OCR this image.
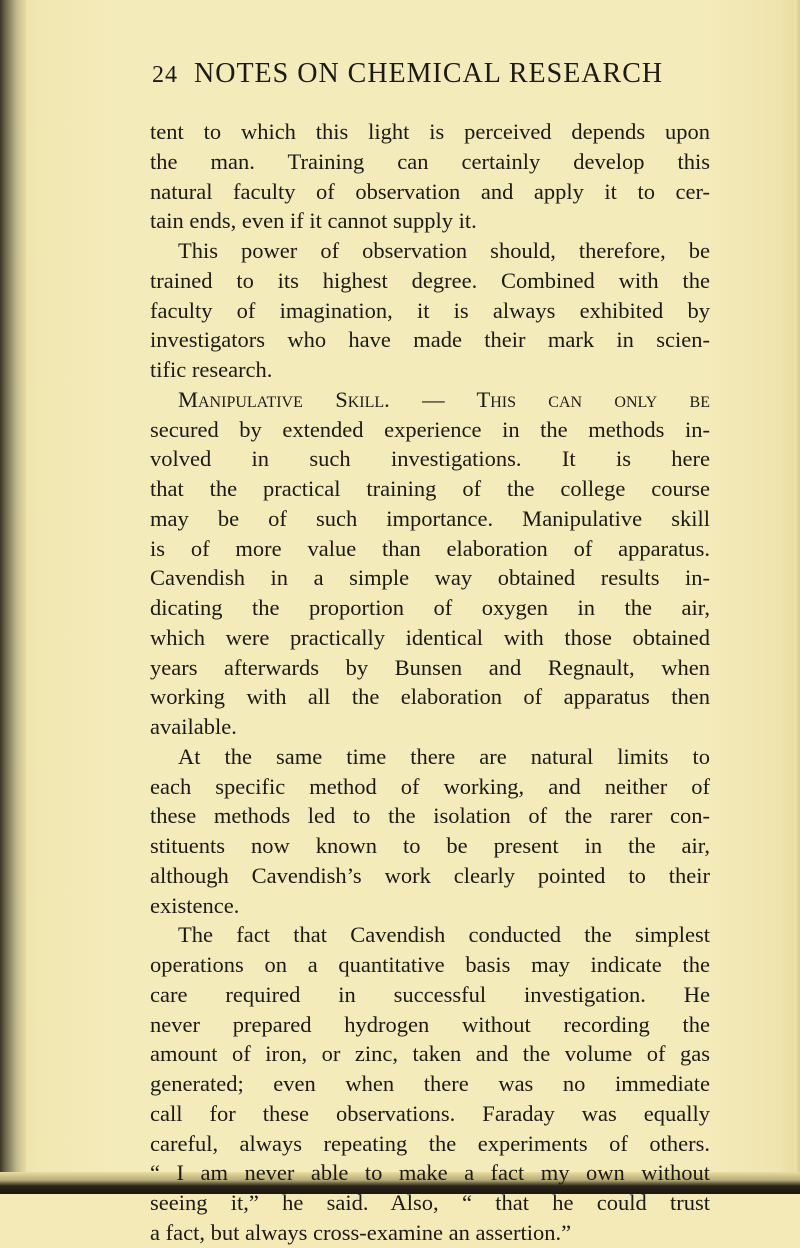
24 NOTES ON CHEMICAL RESEARCH
tent to which this light is perceived depends upon
the man. Training can certainly develop this
natural faculty of observation and apply it to cer-
tain ends, even if it cannot supply it.
This power of observation should, therefore, be
trained to its highest degree. Combined with the
faculty of imagination, it is always exhibited by
investigators who have made their mark in scien-
tific research.
Manipulative Skill. — This can only be
secured by extended experience in the methods in-
volved in such investigations. It is here
that the practical training of the college course
may be of such importance. Manipulative skill
is of more value than elaboration of apparatus.
Cavendish in a simple way obtained results in-
dicating the proportion of oxygen in the air,
which were practically identical with those obtained
years afterwards by Bunsen and Regnault, when
working with all the elaboration of apparatus then
available.
At the same time there are natural limits to
each specific method of working, and neither of
these methods led to the isolation of the rarer con-
stituents now known to be present in the air,
although Cavendish’s work clearly pointed to their
existence.
The fact that Cavendish conducted the simplest
operations on a quantitative basis may indicate the
care required in successful investigation. He
never prepared hydrogen without recording the
amount of iron, or zinc, taken and the volume of gas
generated; even when there was no immediate
call for these observations. Faraday was equally
careful, always repeating the experiments of others.
“ I am never able to make a fact my own without
seeing it,” he said. Also, “ that he could trust
a fact, but always cross-examine an assertion.”
